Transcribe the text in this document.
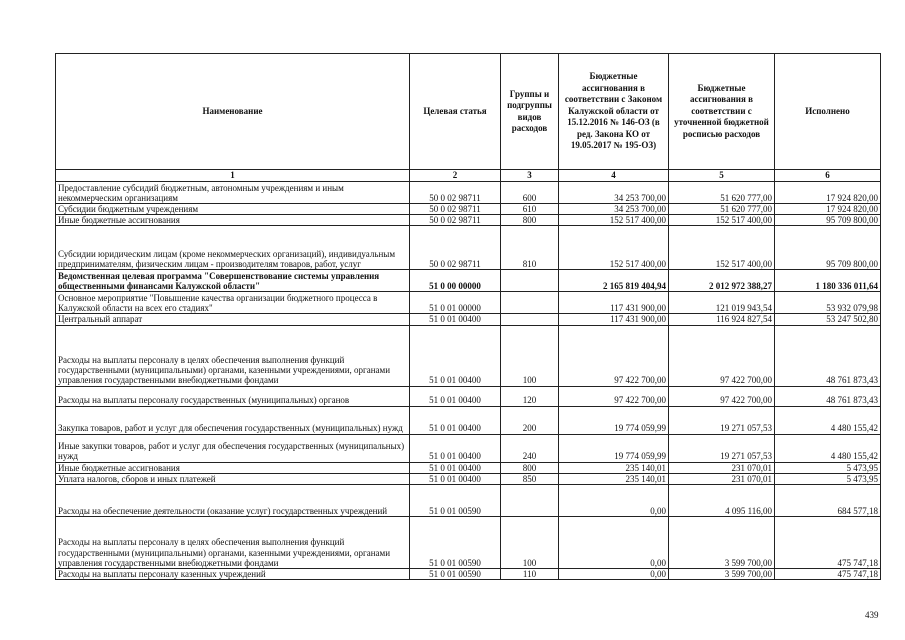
Наименование	Целевая статья	Группы и подгруппы видов расходов	Бюджетные ассигнования в соответствии с Законом Калужской области от 15.12.2016 № 146-ОЗ (в ред. Закона КО от 19.05.2017 № 195-ОЗ)	Бюджетные ассигнования в соответствии с уточненной бюджетной росписью расходов	Исполнено
1	2	3	4	5	6
Предоставление субсидий бюджетным, автономным учреждениям и иным некоммерческим организациям	50 0 02 98711	600	34 253 700,00	51 620 777,00	17 924 820,00
Субсидии бюджетным учреждениям	50 0 02 98711	610	34 253 700,00	51 620 777,00	17 924 820,00
Иные бюджетные ассигнования	50 0 02 98711	800	152 517 400,00	152 517 400,00	95 709 800,00
Субсидии юридическим лицам (кроме некоммерческих организаций), индивидуальным предпринимателям, физическим лицам - производителям товаров, работ, услуг	50 0 02 98711	810	152 517 400,00	152 517 400,00	95 709 800,00
Ведомственная целевая программа "Совершенствование системы управления общественными финансами Калужской области"	51 0 00 00000		2 165 819 404,94	2 012 972 388,27	1 180 336 011,64
Основное мероприятие "Повышение качества организации бюджетного процесса в Калужской области на всех его стадиях"	51 0 01 00000		117 431 900,00	121 019 943,54	53 932 079,98
Центральный аппарат	51 0 01 00400		117 431 900,00	116 924 827,54	53 247 502,80
Расходы на выплаты персоналу в целях обеспечения выполнения функций государственными (муниципальными) органами, казенными учреждениями, органами управления государственными внебюджетными фондами	51 0 01 00400	100	97 422 700,00	97 422 700,00	48 761 873,43
Расходы на выплаты персоналу государственных (муниципальных) органов	51 0 01 00400	120	97 422 700,00	97 422 700,00	48 761 873,43
Закупка товаров, работ и услуг для обеспечения государственных (муниципальных) нужд	51 0 01 00400	200	19 774 059,99	19 271 057,53	4 480 155,42
Иные закупки товаров, работ и услуг для обеспечения государственных (муниципальных) нужд	51 0 01 00400	240	19 774 059,99	19 271 057,53	4 480 155,42
Иные бюджетные ассигнования	51 0 01 00400	800	235 140,01	231 070,01	5 473,95
Уплата налогов, сборов и иных платежей	51 0 01 00400	850	235 140,01	231 070,01	5 473,95
Расходы на обеспечение деятельности (оказание услуг) государственных учреждений	51 0 01 00590		0,00	4 095 116,00	684 577,18
Расходы на выплаты персоналу в целях обеспечения выполнения функций государственными (муниципальными) органами, казенными учреждениями, органами управления государственными внебюджетными фондами	51 0 01 00590	100	0,00	3 599 700,00	475 747,18
Расходы на выплаты персоналу казенных учреждений	51 0 01 00590	110	0,00	3 599 700,00	475 747,18
439
